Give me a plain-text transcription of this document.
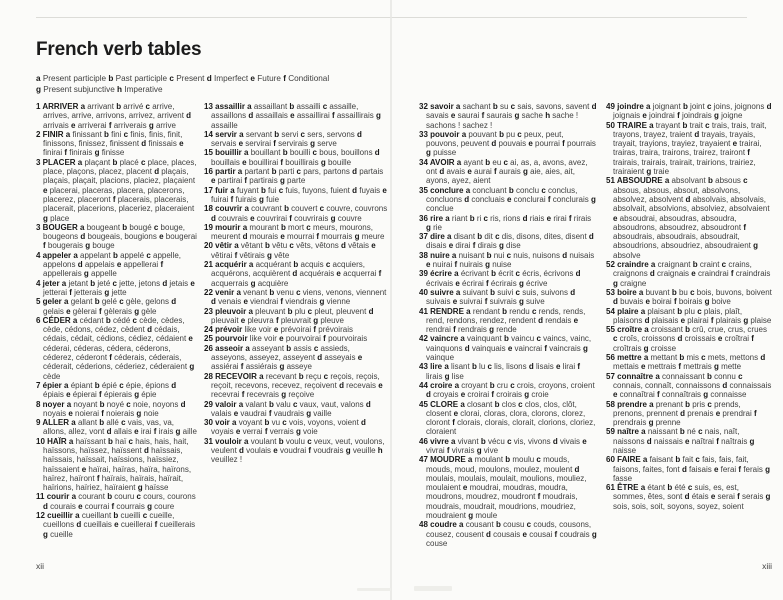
French verb tables
a Present participle b Past participle c Present d Imperfect e Future f Conditional
g Present subjunctive h Imperative

1 ARRIVER a arrivant b arrivé c arrive, arrives, arrive, arrivons, arrivez, arrivent d arrivais e arriverai f arriverais g arrive

2 FINIR a finissant b fini c finis, finis, finit, finissons, finissez, finissent d finissais e finirai f finirais g finisse

3 PLACER a plaçant b placé c place, places, place, plaçons, placez, placent d plaçais, plaçais, plaçait, placions, placiez, plaçaient e placerai, placeras, placera, placerons, placerez, placeront f placerais, placerais, placerait, placerions, placeriez, placeraient g place

3 BOUGER a bougeant b bougé c bouge, bougeons d bougeais, bougions e bougerai f bougerais g bouge

4 appeler a appelant b appelé c appelle, appelons d appelais e appellerai f appellerais g appelle

4 jeter a jetant b jeté c jette, jetons d jetais e jetterai f jetterais g jette

5 geler a gelant b gelé c gèle, gelons d gelais e gèlerai f gèlerais g gèle

6 CÉDER a cédant b cédé c cède, cèdes, cède, cédons, cédez, cèdent d cédais, cédais, cédait, cédions, cédiez, cédaient e céderai, céderas, cédera, céderons, céderez, céderont f céderais, céderais, céderait, céderions, céderiez, céderaient g cède

7 épier a épiant b épié c épie, épions d épiais e épierai f épierais g épie

8 noyer a noyant b noyé c noie, noyons d noyais e noierai f noierais g noie

9 ALLER a allant b allé c vais, vas, va, allons, allez, vont d allais e irai f irais g aille

10 HAÏR a haïssant b haï c hais, hais, hait, haïssons, haïssez, haïssent d haïssais, haïssais, haïssait, haïssions, haïssiez, haïssaient e haïrai, haïras, haïra, haïrons, haïrez, haïront f haïrais, haïrais, haïrait, haïrions, haïriez, haïraient g haïsse

11 courir a courant b couru c cours, courons d courais e courrai f courrais g coure

12 cueillir a cueillant b cueilli c cueille, cueillons d cueillais e cueillerai f cueillerais g cueille

13 assaillir a assaillant b assailli c assaille, assaillons d assaillais e assaillirai f assaillirais g assaille

14 servir a servant b servi c sers, servons d servais e servirai f servirais g serve

15 bouillir a bouillant b bouilli c bous, bouillons d bouillais e bouillirai f bouillirais g bouille

16 partir a partant b parti c pars, partons d partais e partirai f partirais g parte

17 fuir a fuyant b fui c fuis, fuyons, fuient d fuyais e fuirai f fuirais g fuie

18 couvrir a couvrant b couvert c couvre, couvrons d couvrais e couvrirai f couvrirais g couvre

19 mourir a mourant b mort c meurs, mourons, meurent d mourais e mourrai f mourrais g meure

20 vêtir a vêtant b vêtu c vêts, vêtons d vêtais e vêtirai f vêtirais g vête

21 acquérir a acquérant b acquis c acquiers, acquérons, acquièrent d acquérais e acquerrai f acquerrais g acquière

22 venir a venant b venu c viens, venons, viennent d venais e viendrai f viendrais g vienne

23 pleuvoir a pleuvant b plu c pleut, pleuvent d pleuvait e pleuvra f pleuvrait g pleuve

24 prévoir like voir e prévoirai f prévoirais

25 pourvoir like voir e pourvoirai f pourvoirais

26 asseoir a asseyant b assis c assieds, asseyons, asseyez, asseyent d asseyais e assiérai f assiérais g asseye

28 RECEVOIR a recevant b reçu c reçois, reçois, reçoit, recevons, recevez, reçoivent d recevais e recevrai f recevrais g reçoive

29 valoir a valant b valu c vaux, vaut, valons d valais e vaudrai f vaudrais g vaille

30 voir a voyant b vu c vois, voyons, voient d voyais e verrai f verrais g voie

31 vouloir a voulant b voulu c veux, veut, voulons, veulent d voulais e voudrai f voudrais g veuille h veuillez !

32 savoir a sachant b su c sais, savons, savent d savais e saurai f saurais g sache h sache ! sachons ! sachez !

33 pouvoir a pouvant b pu c peux, peut, pouvons, peuvent d pouvais e pourrai f pourrais g puisse

34 AVOIR a ayant b eu c ai, as, a, avons, avez, ont d avais e aurai f aurais g aie, aies, ait, ayons, ayez, aient

35 conclure a concluant b conclu c conclus, concluons d concluais e conclurai f conclurais g conclue

36 rire a riant b ri c ris, rions d riais e rirai f rirais g rie

37 dire a disant b dit c dis, disons, dites, disent d disais e dirai f dirais g dise

38 nuire a nuisant b nui c nuis, nuisons d nuisais e nuirai f nuirais g nuise

39 écrire a écrivant b écrit c écris, écrivons d écrivais e écrirai f écrirais g écrive

40 suivre a suivant b suivi c suis, suivons d suivais e suivrai f suivrais g suive

41 RENDRE a rendant b rendu c rends, rends, rend, rendons, rendez, rendent d rendais e rendrai f rendrais g rende

42 vaincre a vainquant b vaincu c vaincs, vainc, vainquons d vainquais e vaincrai f vaincrais g vainque

43 lire a lisant b lu c lis, lisons d lisais e lirai f lirais g lise

44 croire a croyant b cru c crois, croyons, croient d croyais e croirai f croirais g croie

45 CLORE a closant b clos c clos, clos, clôt, closent e clorai, cloras, clora, clorons, clorez, cloront f clorais, clorais, clorait, clorions, cloriez, cloraient

46 vivre a vivant b vécu c vis, vivons d vivais e vivrai f vivrais g vive

47 MOUDRE a moulant b moulu c mouds, mouds, moud, moulons, moulez, moulent d moulais, moulais, moulait, moulions, mouliez, moulaient e moudrai, moudras, moudra, moudrons, moudrez, moudront f moudrais, moudrais, moudrait, moudrions, moudriez, moudraient g moule

48 coudre a cousant b cousu c couds, cousons, cousez, cousent d cousais e cousai f coudrais g couse

49 joindre a joignant b joint c joins, joignons d joignais e joindrai f joindrais g joigne

50 TRAIRE a trayant b trait c trais, trais, trait, trayons, trayez, traient d trayais, trayais, trayait, trayions, trayiez, trayaient e trairai, trairas, traira, trairons, trairez, trairont f trairais, trairais, trairait, trairions, trairiez, trairaient g traie

51 ABSOUDRE a absolvant b absous c absous, absous, absout, absolvons, absolvez, absolvent d absolvais, absolvais, absolvait, absolvions, absolviez, absolvaient e absoudrai, absoudras, absoudra, absoudrons, absoudrez, absoudront f absoudrais, absoudrais, absoudrait, absoudrions, absoudriez, absoudraient g absolve

52 craindre a craignant b craint c crains, craignons d craignais e craindrai f craindrais g craigne

53 boire a buvant b bu c bois, buvons, boivent d buvais e boirai f boirais g boive

54 plaire a plaisant b plu c plais, plaît, plaisons d plaisais e plairai f plairais g plaise

55 croître a croissant b crû, crue, crus, crues c croîs, croissons d croissais e croîtrai f croîtrais g croisse

56 mettre a mettant b mis c mets, mettons d mettais e mettrais f mettrais g mette

57 connaître a connaissant b connu c connais, connaît, connaissons d connaissais e connaîtrai f connaîtrais g connaisse

58 prendre a prenant b pris c prends, prenons, prennent d prenais e prendrai f prendrais g prenne

59 naître a naissant b né c nais, naît, naissons d naissais e naîtrai f naîtrais g naisse

60 FAIRE a faisant b fait c fais, fais, fait, faisons, faites, font d faisais e ferai f ferais g fasse

61 ÊTRE a étant b été c suis, es, est, sommes, êtes, sont d étais e serai f serais g sois, sois, soit, soyons, soyez, soient

xii	xiii
